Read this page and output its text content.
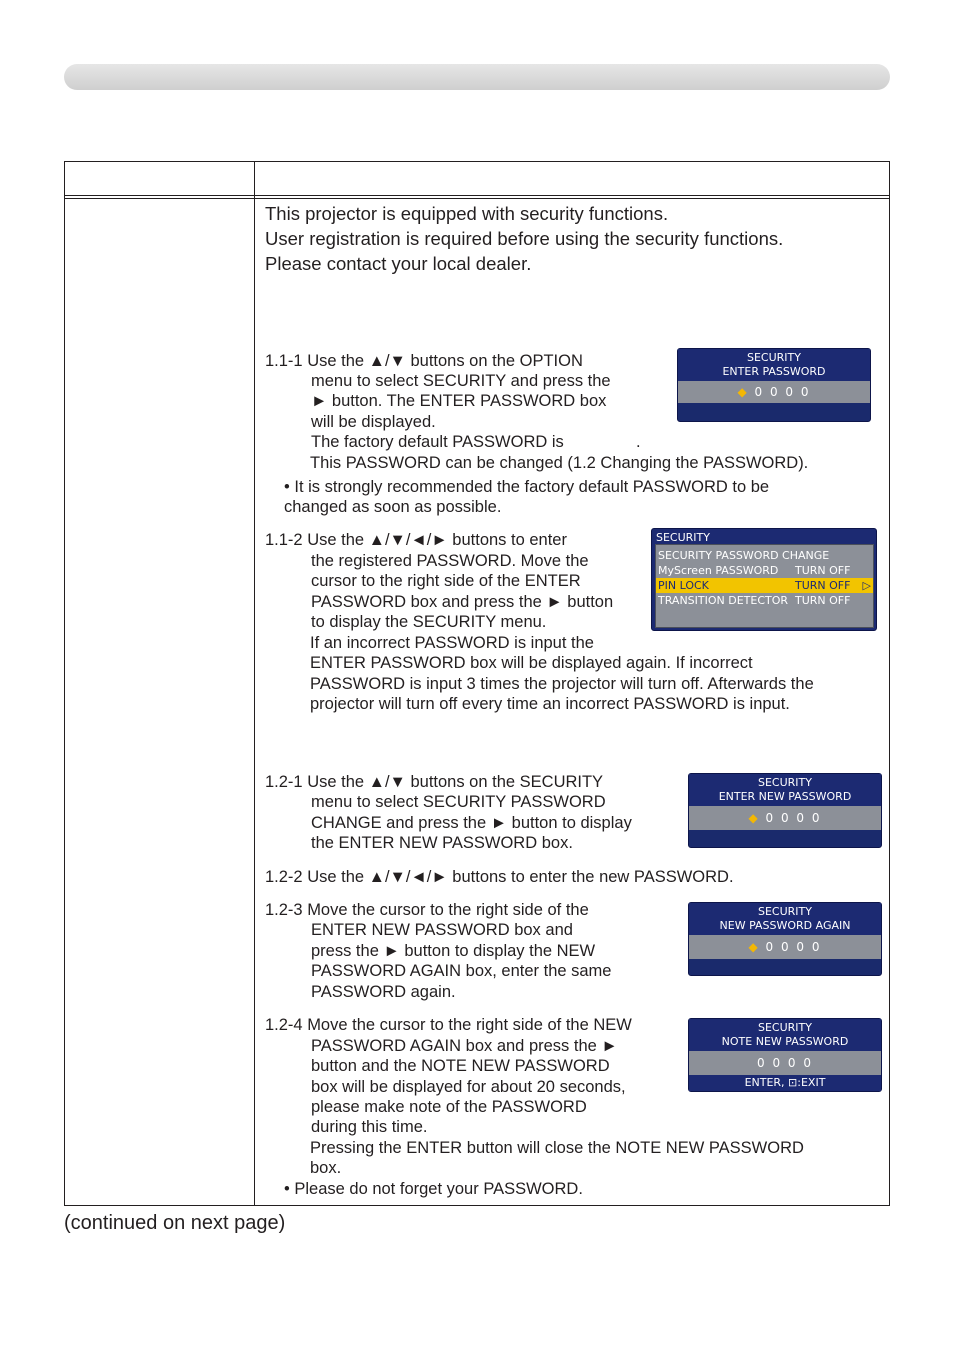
This projector is equipped with security functions.
User registration is required before using the security functions.
Please contact your local dealer.
1.1-1 Use the ▲/▼ buttons on the OPTION
menu to select SECURITY and press the
► button. The ENTER PASSWORD box
will be displayed.
The factory default PASSWORD is	.
This PASSWORD can be changed (1.2 Changing the PASSWORD).
• It is strongly recommended the factory default PASSWORD to be
changed as soon as possible.
SECURITY
ENTER PASSWORD
◆ 0 0 0 0
◄QUIT	NEXT ►
1.1-2 Use the ▲/▼/◄/► buttons to enter
the registered PASSWORD. Move the
cursor to the right side of the ENTER
PASSWORD box and press the ► button
to display the SECURITY menu.
If an incorrect PASSWORD is input the
ENTER PASSWORD box will be displayed again. If incorrect
PASSWORD is input 3 times the projector will turn off. Afterwards the
projector will turn off every time an incorrect PASSWORD is input.
SECURITY
SECURITY PASSWORD CHANGE
MyScreen PASSWORD TURN OFF
PIN LOCK	TURN OFF ▷
TRANSITION DETECTOR TURN OFF
1.2-1 Use the ▲/▼ buttons on the SECURITY
menu to select SECURITY PASSWORD
CHANGE and press the ► button to display
the ENTER NEW PASSWORD box.
SECURITY
ENTER NEW PASSWORD
◆ 0 0 0 0
◄QUIT	NEXT ►
1.2-2 Use the ▲/▼/◄/► buttons to enter the new PASSWORD.
1.2-3 Move the cursor to the right side of the
ENTER NEW PASSWORD box and
press the ► button to display the NEW
PASSWORD AGAIN box, enter the same
PASSWORD again.
SECURITY
NEW PASSWORD AGAIN
◆ 0 0 0 0
◄CANCEL	OK ►
1.2-4 Move the cursor to the right side of the NEW
PASSWORD AGAIN box and press the ►
button and the NOTE NEW PASSWORD
box will be displayed for about 20 seconds,
please make note of the PASSWORD
during this time.
Pressing the ENTER button will close the NOTE NEW PASSWORD
box.
• Please do not forget your PASSWORD.
SECURITY
NOTE NEW PASSWORD
0 0 0 0
ENTER, ⊡:EXIT
(continued on next page)
